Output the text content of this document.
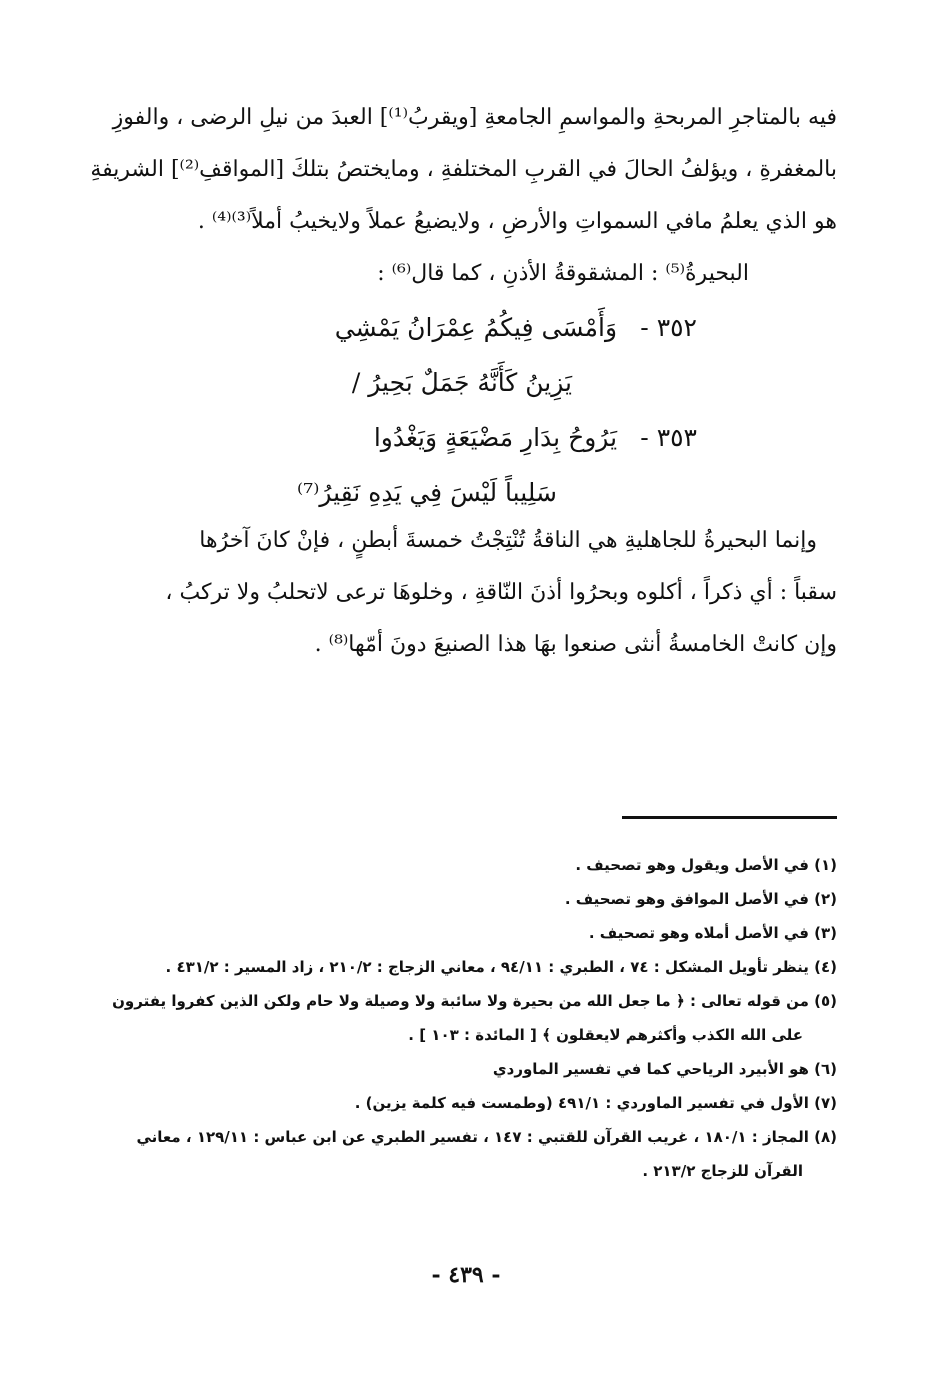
فيه بالمتاجرِ المربحةِ والمواسمِ الجامعةِ [ويقربُ⁽¹⁾] العبدَ من نيلِ الرضى ، والفوزِ
بالمغفرةِ ، ويؤلفُ الحالَ في القربِ المختلفةِ ، ومايختصُ بتلكَ [المواقفِ⁽²⁾] الشريفةِ
هو الذي يعلمُ مافي السمواتِ والأرضِ ، ولايضيعُ عملاً ولايخيبُ أملاً⁽³⁾⁽⁴⁾ .
البحيرةُ⁽⁵⁾ : المشقوقةُ الأذنِ ، كما قال⁽⁶⁾ :
٣٥٢ - وَأَمْسَى فِيكُمُ عِمْرَانُ يَمْشِي
يَزِينُ كَأَنَّهُ جَمَلٌ بَحِيرُ /
٣٥٣ - يَرُوحُ بِدَارِ مَضْيَعَةٍ وَيَغْدُوا
سَلِيباً لَيْسَ فِي يَدِهِ نَقِيرُ⁽⁷⁾
وإنما البحيرةُ للجاهليةِ هي الناقةُ تُنْتِجْتُ خمسةَ أبطنٍ ، فإنْ كانَ آخرُها
سقباً : أي ذكراً ، أكلوه وبحرُوا أذنَ النّاقةِ ، وخلوهَا ترعى لاتحلبُ ولا تركبُ ،
وإن كانتْ الخامسةُ أنثى صنعوا بهَا هذا الصنيعَ دونَ أمّها⁽⁸⁾ .
(١) في الأصل ويقول وهو تصحيف .
(٢) في الأصل الموافق وهو تصحيف .
(٣) في الأصل أملاه وهو تصحيف .
(٤) ينظر تأويل المشكل : ٧٤ ، الطبري : ٩٤/١١ ، معاني الزجاج : ٢١٠/٢ ، زاد المسير : ٤٣١/٢ .
(٥) من قوله تعالى : ﴿ ما جعل الله من بحيرة ولا سائبة ولا وصيلة ولا حام ولكن الذين كفروا يفترون
على الله الكذب وأكثرهم لايعقلون ﴾ [ المائدة : ١٠٣ ] .
(٦) هو الأبيرد الرياحي كما في تفسير الماوردي
(٧) الأول في تفسير الماوردي : ٤٩١/١ (وطمست فيه كلمة يزين) .
(٨) المجاز : ١٨٠/١ ، غريب القرآن للقتبي : ١٤٧ ، تفسير الطبري عن ابن عباس : ١٢٩/١١ ، معاني
القرآن للزجاج ٢١٣/٢ .
- ٤٣٩ -
